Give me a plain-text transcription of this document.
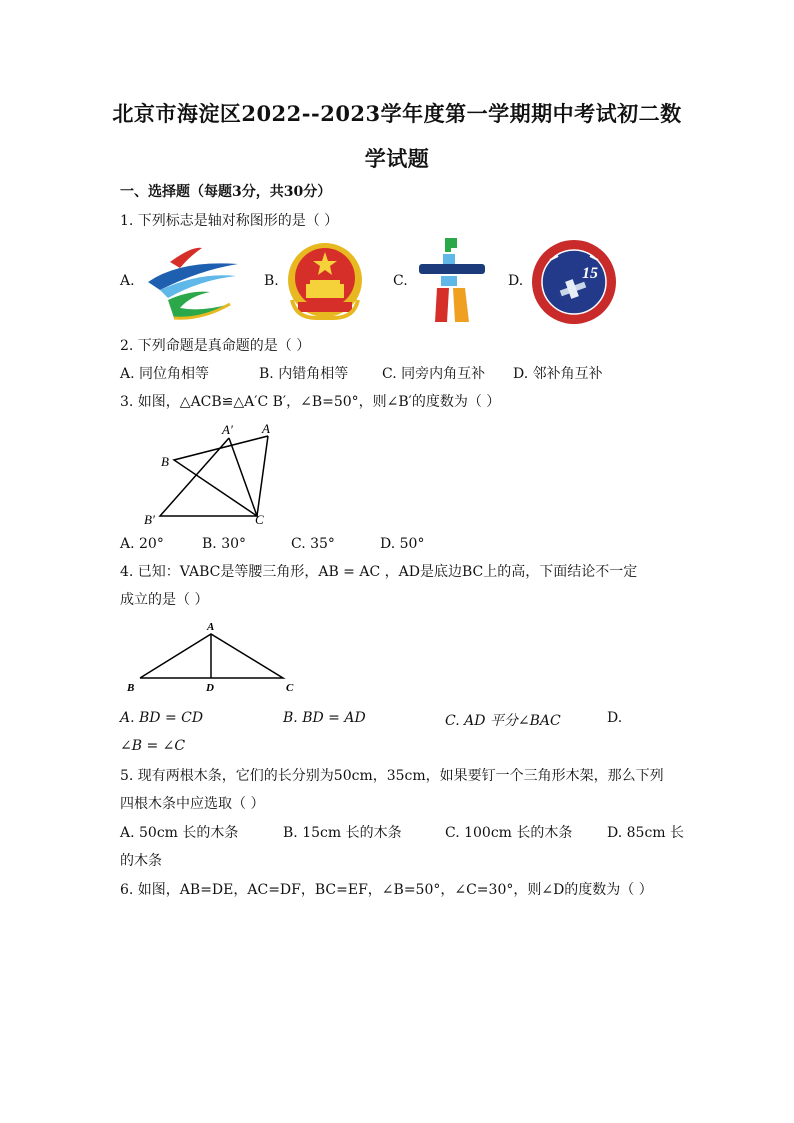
北京市海淀区2022--2023学年度第一学期期中考试初二数
学试题
一、选择题（每题3分，共30分）
1. 下列标志是轴对称图形的是（ ）
A.	B.	C.	D.	15
2. 下列命题是真命题的是（ ）
A. 同位角相等	B. 内错角相等 C. 同旁内角互补 D. 邻补角互补
3. 如图，△ACB≌△A′C B′，∠B=50°，则∠B′的度数为（ ）
A′ A
B
B′	C
A. 20°	B. 30°	C. 35°	D. 50°
4. 已知：VABC是等腰三角形，AB = AC ，AD是底边BC上的高，下面结论不一定
成立的是（ ）
A
B	D	C
A. BD = CD	B. BD = AD	C. AD 平分∠BAC	D.
∠B = ∠C
5. 现有两根木条，它们的长分别为50cm，35cm，如果要钉一个三角形木架，那么下列
四根木条中应选取（ ）
A. 50cm 长的木条	B. 15cm 长的木条	C. 100cm 长的木条 D. 85cm 长
的木条
6. 如图，AB=DE，AC=DF，BC=EF，∠B=50°，∠C=30°，则∠D的度数为（ ）
